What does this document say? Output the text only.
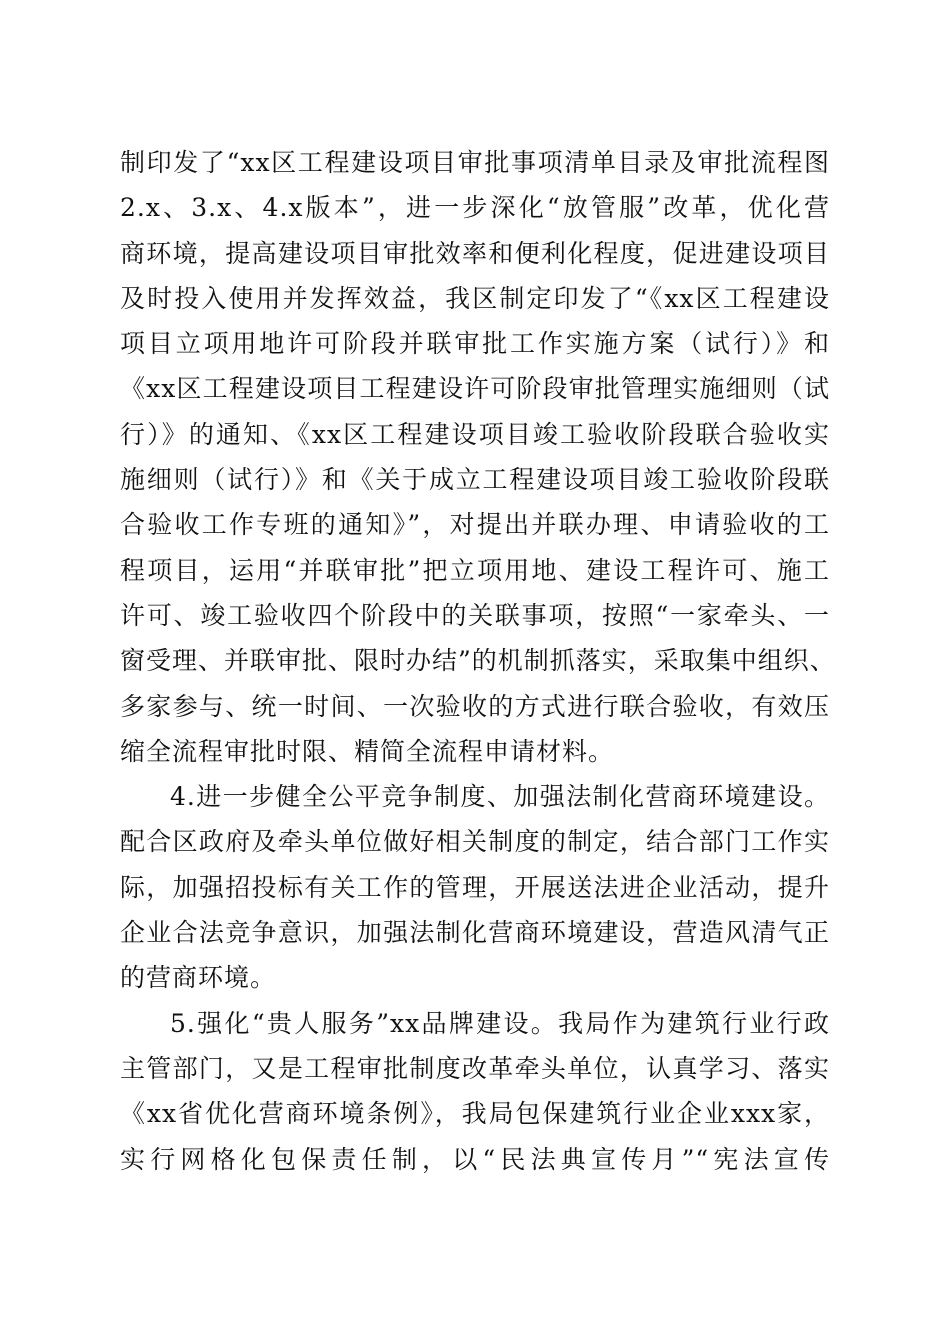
制印发了“xx区工程建设项目审批事项清单目录及审批流程图
2.x、3.x、4.x版本”，进一步深化“放管服”改革，优化营
商环境，提高建设项目审批效率和便利化程度，促进建设项目
及时投入使用并发挥效益，我区制定印发了“《xx区工程建设
项目立项用地许可阶段并联审批工作实施方案（试行）》和
《xx区工程建设项目工程建设许可阶段审批管理实施细则（试
行）》的通知、《xx区工程建设项目竣工验收阶段联合验收实
施细则（试行）》和《关于成立工程建设项目竣工验收阶段联
合验收工作专班的通知》”，对提出并联办理、申请验收的工
程项目，运用“并联审批”把立项用地、建设工程许可、施工
许可、竣工验收四个阶段中的关联事项，按照“一家牵头、一
窗受理、并联审批、限时办结”的机制抓落实，采取集中组织、
多家参与、统一时间、一次验收的方式进行联合验收，有效压
缩全流程审批时限、精简全流程申请材料。
4.进一步健全公平竞争制度、加强法制化营商环境建设。
配合区政府及牵头单位做好相关制度的制定，结合部门工作实
际，加强招投标有关工作的管理，开展送法进企业活动，提升
企业合法竞争意识，加强法制化营商环境建设，营造风清气正
的营商环境。
5.强化“贵人服务”xx品牌建设。我局作为建筑行业行政
主管部门，又是工程审批制度改革牵头单位，认真学习、落实
《xx省优化营商环境条例》，我局包保建筑行业企业xxx家，
实行网格化包保责任制，以“民法典宣传月”“宪法宣传
